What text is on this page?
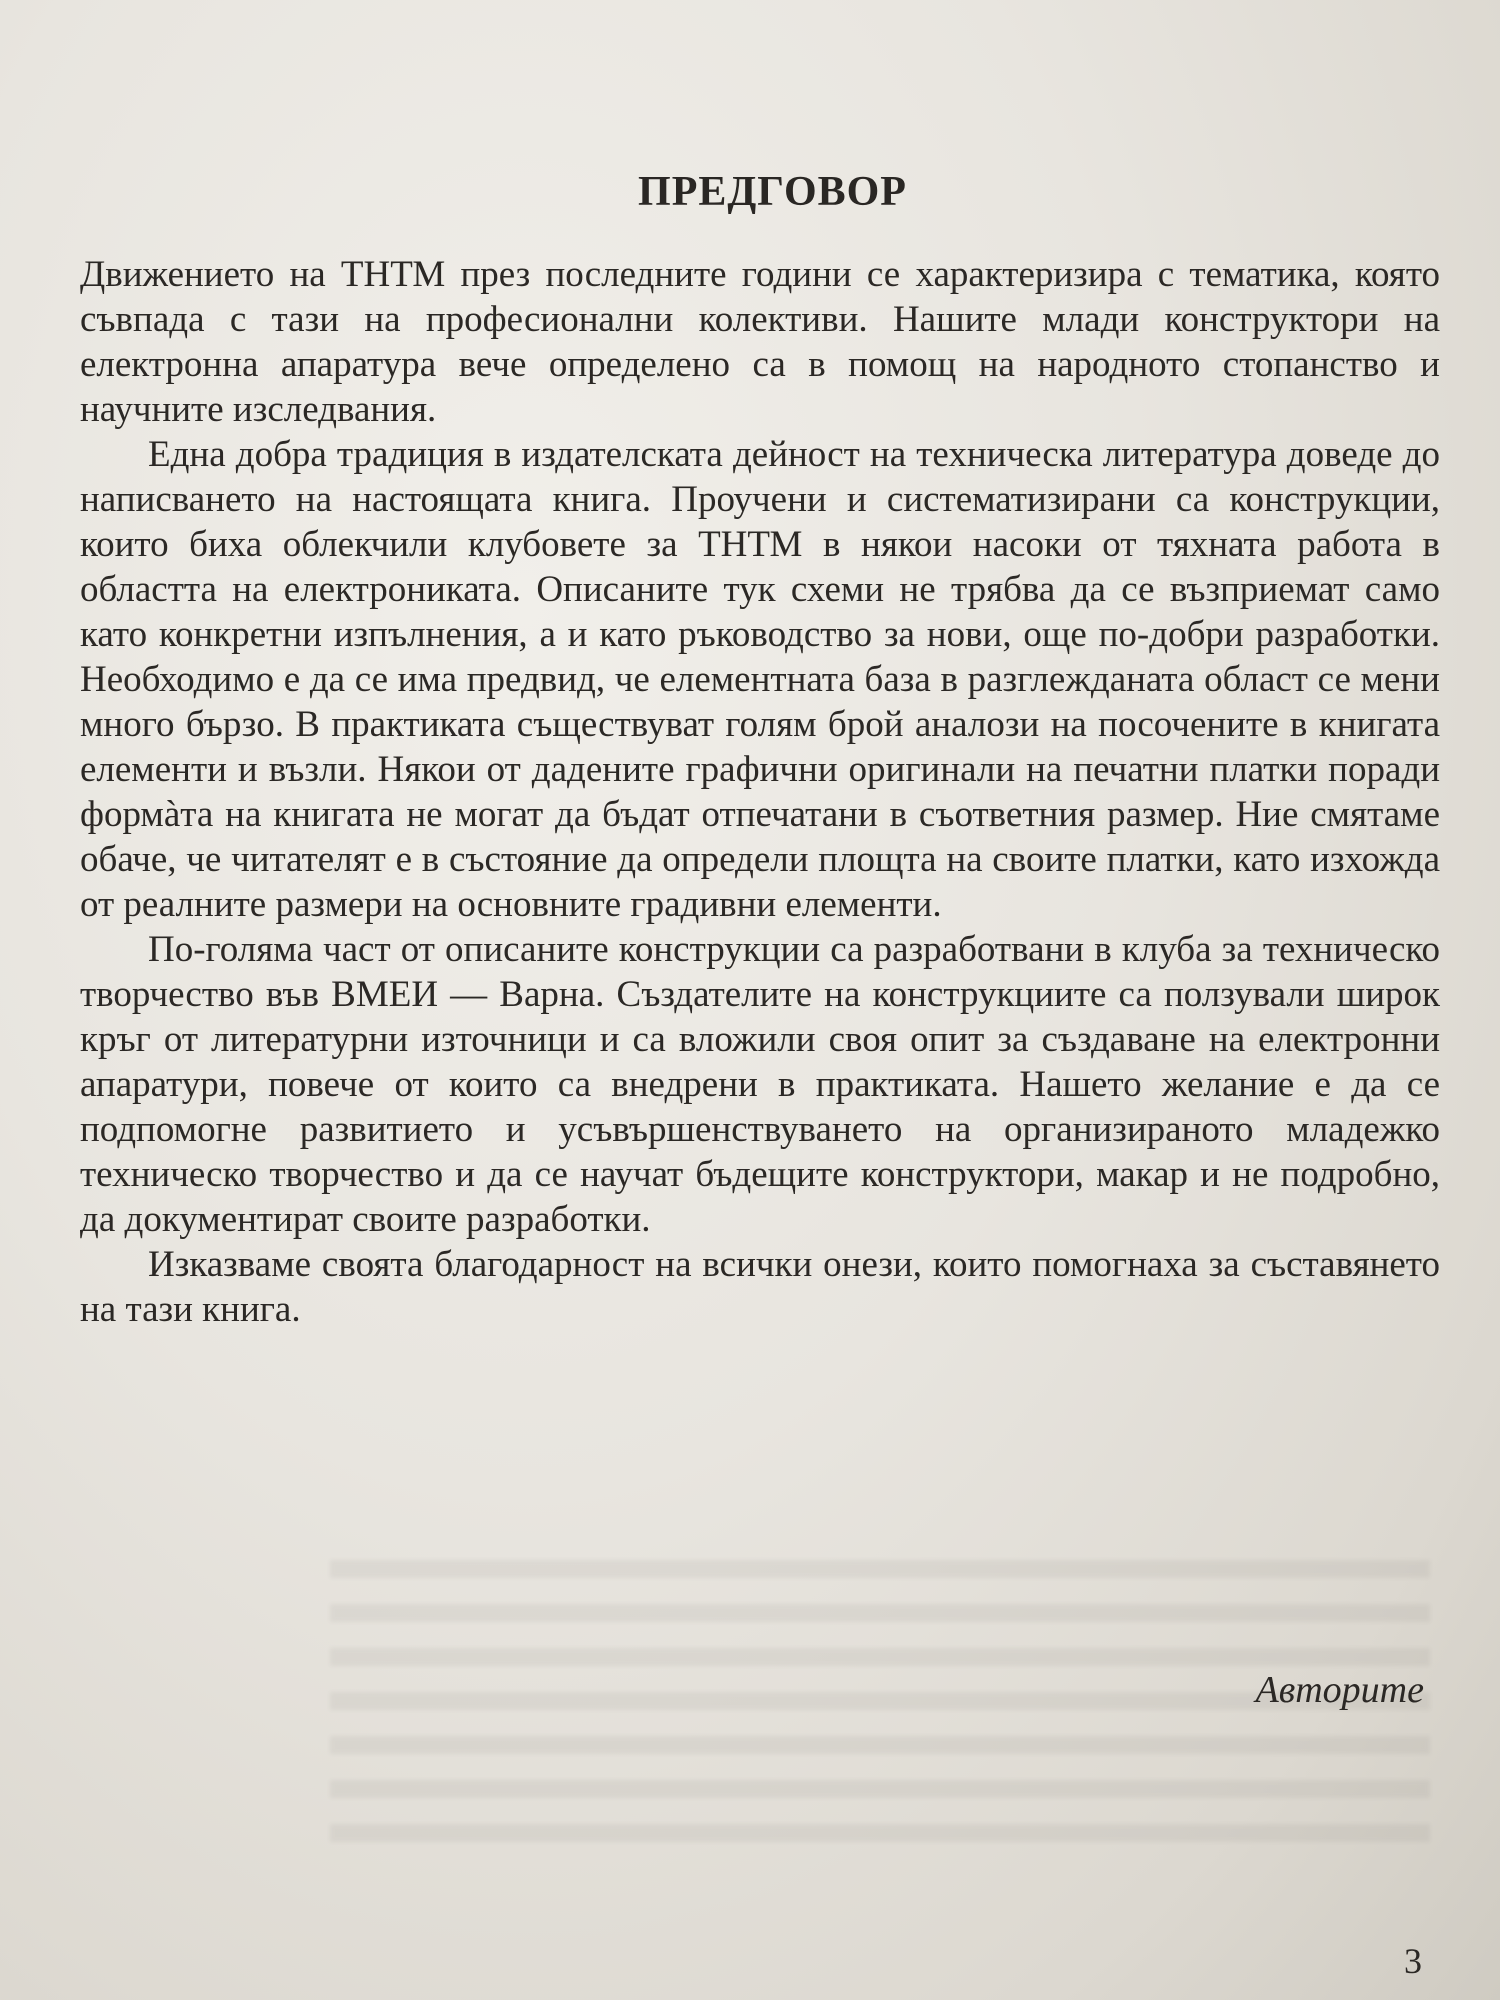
ПРЕДГОВОР

Движението на ТНТМ през последните години се характеризира с тематика, която съвпада с тази на професионални колективи. Нашите млади конструктори на електронна апаратура вече определено са в помощ на народното стопанство и научните изследвания.

Една добра традиция в издателската дейност на техническа литература доведе до написването на настоящата книга. Проучени и систематизирани са конструкции, които биха облекчили клубовете за ТНТМ в някои насоки от тяхната работа в областта на електрониката. Описаните тук схеми не трябва да се възприемат само като конкретни изпълнения, а и като ръководство за нови, още по-добри разработки. Необходимо е да се има предвид, че елементната база в разглежданата област се мени много бързо. В практиката съществуват голям брой аналози на посочените в книгата елементи и възли. Някои от дадените графични оригинали на печатни платки поради формàта на книгата не могат да бъдат отпечатани в съответния размер. Ние смятаме обаче, че читателят е в състояние да определи площта на своите платки, като изхожда от реалните размери на основните градивни елементи.

По-голяма част от описаните конструкции са разработвани в клуба за техническо творчество във ВМЕИ — Варна. Създателите на конструкциите са ползували широк кръг от литературни източници и са вложили своя опит за създаване на електронни апаратури, повече от които са внедрени в практиката. Нашето желание е да се подпомогне развитието и усъвършенствуването на организираното младежко техническо творчество и да се научат бъдещите конструктори, макар и не подробно, да документират своите разработки.

Изказваме своята благодарност на всички онези, които помогнаха за съставянето на тази книга.

Авторите
3
